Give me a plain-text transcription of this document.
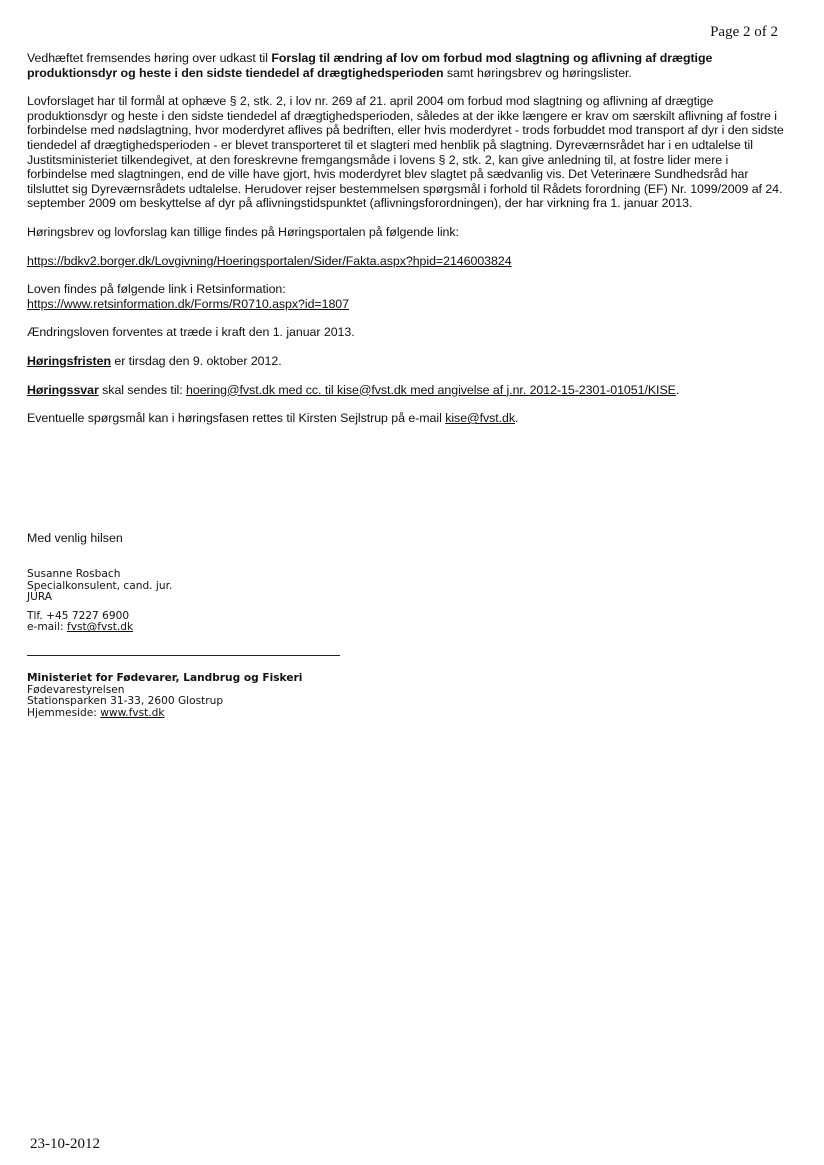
Page 2 of 2

Vedhæftet fremsendes høring over udkast til Forslag til ændring af lov om forbud mod slagtning og aflivning af drægtige produktionsdyr og heste i den sidste tiendedel af drægtighedsperioden samt høringsbrev og høringslister.

Lovforslaget har til formål at ophæve § 2, stk. 2, i lov nr. 269 af 21. april 2004 om forbud mod slagtning og aflivning af drægtige produktionsdyr og heste i den sidste tiendedel af drægtighedsperioden, således at der ikke længere er krav om særskilt aflivning af fostre i forbindelse med nødslagtning, hvor moderdyret aflives på bedriften, eller hvis moderdyret - trods forbuddet mod transport af dyr i den sidste tiendedel af drægtighedsperioden - er blevet transporteret til et slagteri med henblik på slagtning. Dyreværnsrådet har i en udtalelse til Justitsministeriet tilkendegivet, at den foreskrevne fremgangsmåde i lovens § 2, stk. 2, kan give anledning til, at fostre lider mere i forbindelse med slagtningen, end de ville have gjort, hvis moderdyret blev slagtet på sædvanlig vis. Det Veterinære Sundhedsråd har tilsluttet sig Dyreværnsrådets udtalelse. Herudover rejser bestemmelsen spørgsmål i forhold til Rådets forordning (EF) Nr. 1099/2009 af 24. september 2009 om beskyttelse af dyr på aflivningstidspunktet (aflivningsforordningen), der har virkning fra 1. januar 2013.

Høringsbrev og lovforslag kan tillige findes på Høringsportalen på følgende link:

https://bdkv2.borger.dk/Lovgivning/Hoeringsportalen/Sider/Fakta.aspx?hpid=2146003824

Loven findes på følgende link i Retsinformation:
https://www.retsinformation.dk/Forms/R0710.aspx?id=1807

Ændringsloven forventes at træde i kraft den 1. januar 2013.

Høringsfristen er tirsdag den 9. oktober 2012.

Høringssvar skal sendes til: hoering@fvst.dk med cc. til kise@fvst.dk med angivelse af j.nr. 2012-15-2301-01051/KISE.

Eventuelle spørgsmål kan i høringsfasen rettes til Kirsten Sejlstrup på e-mail kise@fvst.dk.

Med venlig hilsen
Susanne Rosbach
Specialkonsulent, cand. jur.
JURA
Tlf. +45 7227 6900
e-mail: fvst@fvst.dk
Ministeriet for Fødevarer, Landbrug og Fiskeri
Fødevarestyrelsen
Stationsparken 31-33, 2600 Glostrup
Hjemmeside: www.fvst.dk
23-10-2012
